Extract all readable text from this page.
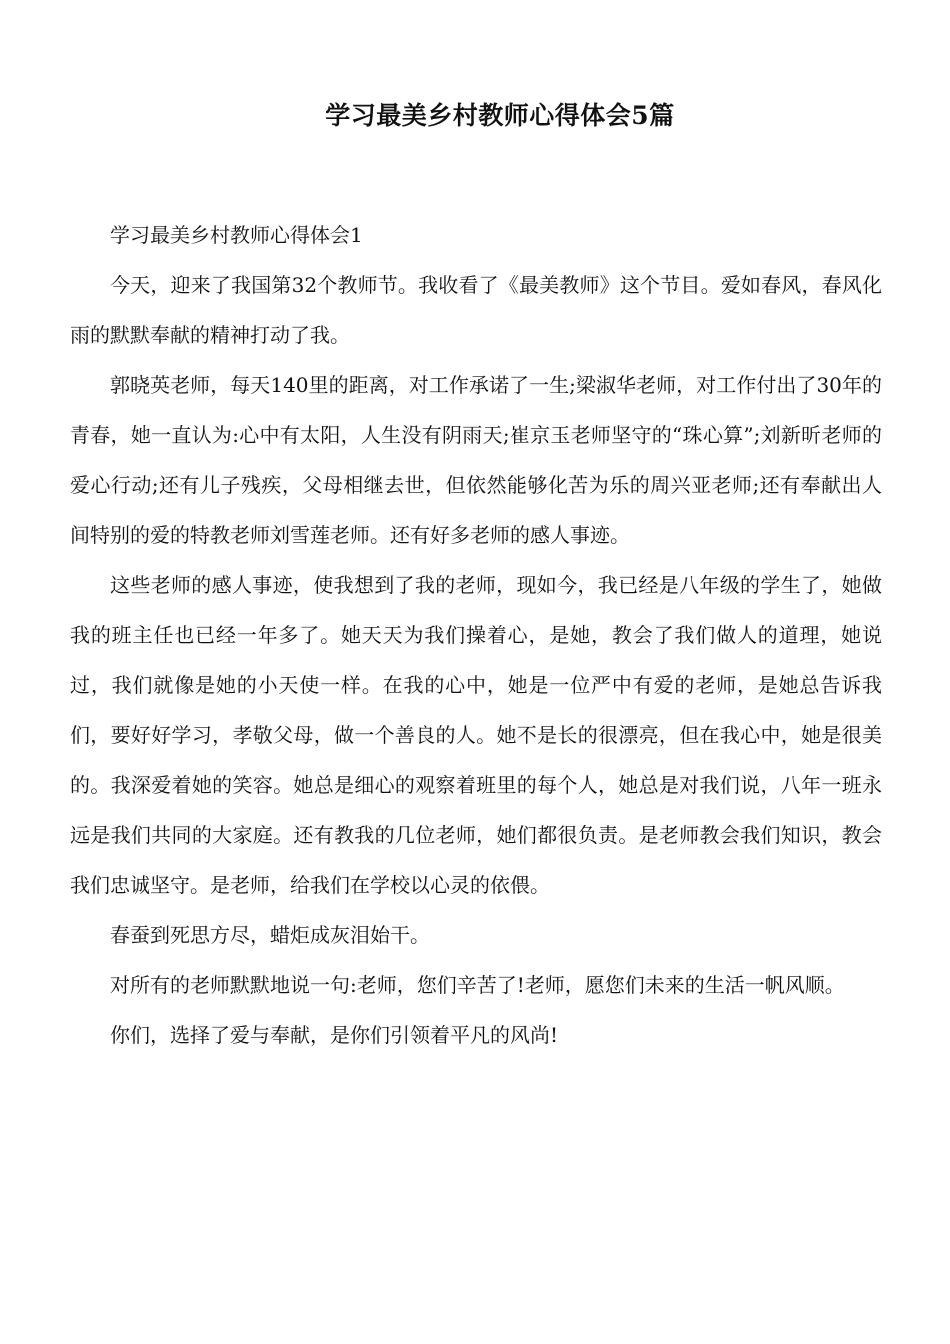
学习最美乡村教师心得体会5篇

学习最美乡村教师心得体会1

今天，迎来了我国第32个教师节。我收看了《最美教师》这个节目。爱如春风，春风化雨的默默奉献的精神打动了我。

郭晓英老师，每天140里的距离，对工作承诺了一生;梁淑华老师，对工作付出了30年的青春，她一直认为:心中有太阳，人生没有阴雨天;崔京玉老师坚守的“珠心算”;刘新昕老师的爱心行动;还有儿子残疾，父母相继去世，但依然能够化苦为乐的周兴亚老师;还有奉献出人间特别的爱的特教老师刘雪莲老师。还有好多老师的感人事迹。

这些老师的感人事迹，使我想到了我的老师，现如今，我已经是八年级的学生了，她做我的班主任也已经一年多了。她天天为我们操着心，是她，教会了我们做人的道理，她说过，我们就像是她的小天使一样。在我的心中，她是一位严中有爱的老师，是她总告诉我们，要好好学习，孝敬父母，做一个善良的人。她不是长的很漂亮，但在我心中，她是很美的。我深爱着她的笑容。她总是细心的观察着班里的每个人，她总是对我们说，八年一班永远是我们共同的大家庭。还有教我的几位老师，她们都很负责。是老师教会我们知识，教会我们忠诚坚守。是老师，给我们在学校以心灵的依偎。

春蚕到死思方尽，蜡炬成灰泪始干。

对所有的老师默默地说一句:老师，您们辛苦了!老师，愿您们未来的生活一帆风顺。

你们，选择了爱与奉献，是你们引领着平凡的风尚!
